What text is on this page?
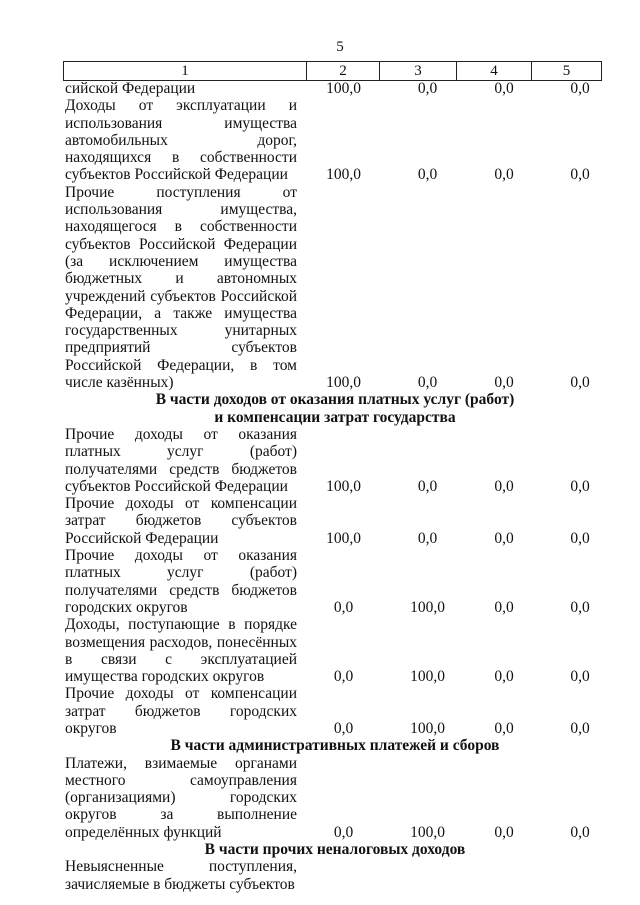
5
1	2	3	4	5
сийской Федерации	100,0	0,0	0,0	0,0
Доходы от эксплуатации и использования имущества автомобильных дорог, находящихся в собственности субъектов Российской Федерации	100,0	0,0	0,0	0,0
Прочие поступления от использования имущества, находящегося в собственности субъектов Российской Федерации (за исключением имущества бюджетных и автономных учреждений субъектов Российской Федерации, а также имущества государственных унитарных предприятий субъектов Российской Федерации, в том числе казённых)	100,0	0,0	0,0	0,0
В части доходов от оказания платных услуг (работ)
и компенсации затрат государства
Прочие доходы от оказания платных услуг (работ) получателями средств бюджетов субъектов Российской Федерации	100,0	0,0	0,0	0,0
Прочие доходы от компенсации затрат бюджетов субъектов Российской Федерации	100,0	0,0	0,0	0,0
Прочие доходы от оказания платных услуг (работ) получателями средств бюджетов городских округов	0,0	100,0	0,0	0,0
Доходы, поступающие в порядке возмещения расходов, понесённых в связи с эксплуатацией имущества городских округов	0,0	100,0	0,0	0,0
Прочие доходы от компенсации затрат бюджетов городских округов	0,0	100,0	0,0	0,0
В части административных платежей и сборов
Платежи, взимаемые органами местного самоуправления (организациями) городских округов за выполнение определённых функций	0,0	100,0	0,0	0,0
В части прочих неналоговых доходов
Невыясненные поступления, зачисляемые в бюджеты субъектов
